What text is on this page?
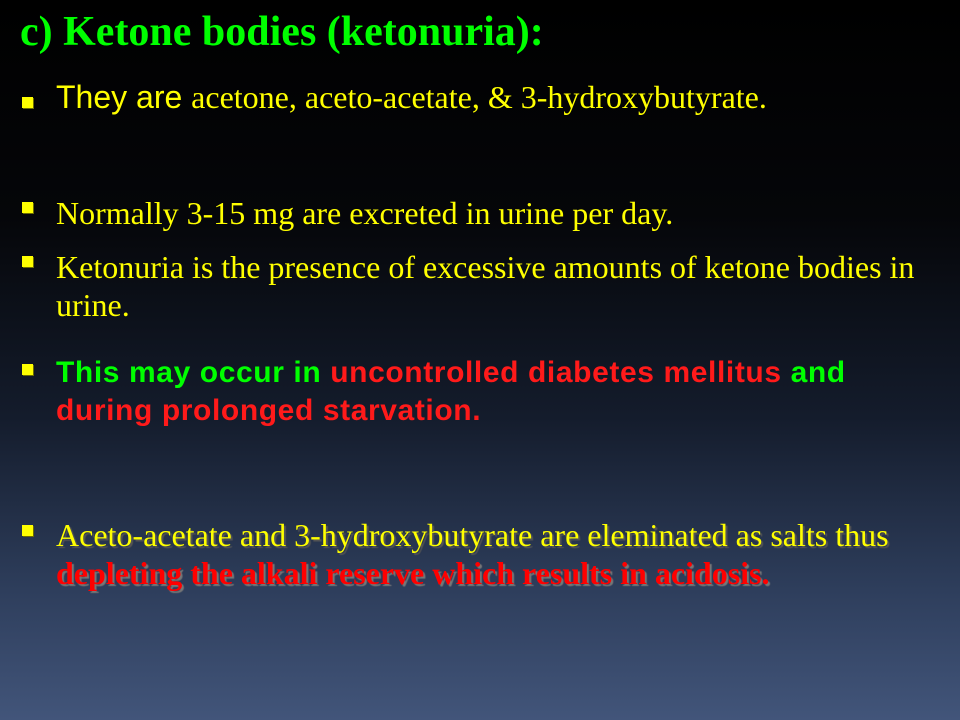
c) Ketone bodies (ketonuria):

They are acetone, aceto-acetate, & 3-hydroxybutyrate.

Normally 3-15 mg are excreted in urine per day.

Ketonuria is the presence of excessive amounts of ketone bodies in urine.

This may occur in uncontrolled diabetes mellitus and during prolonged starvation.

Aceto-acetate and 3-hydroxybutyrate are eleminated as salts thus depleting the alkali reserve which results in acidosis.
